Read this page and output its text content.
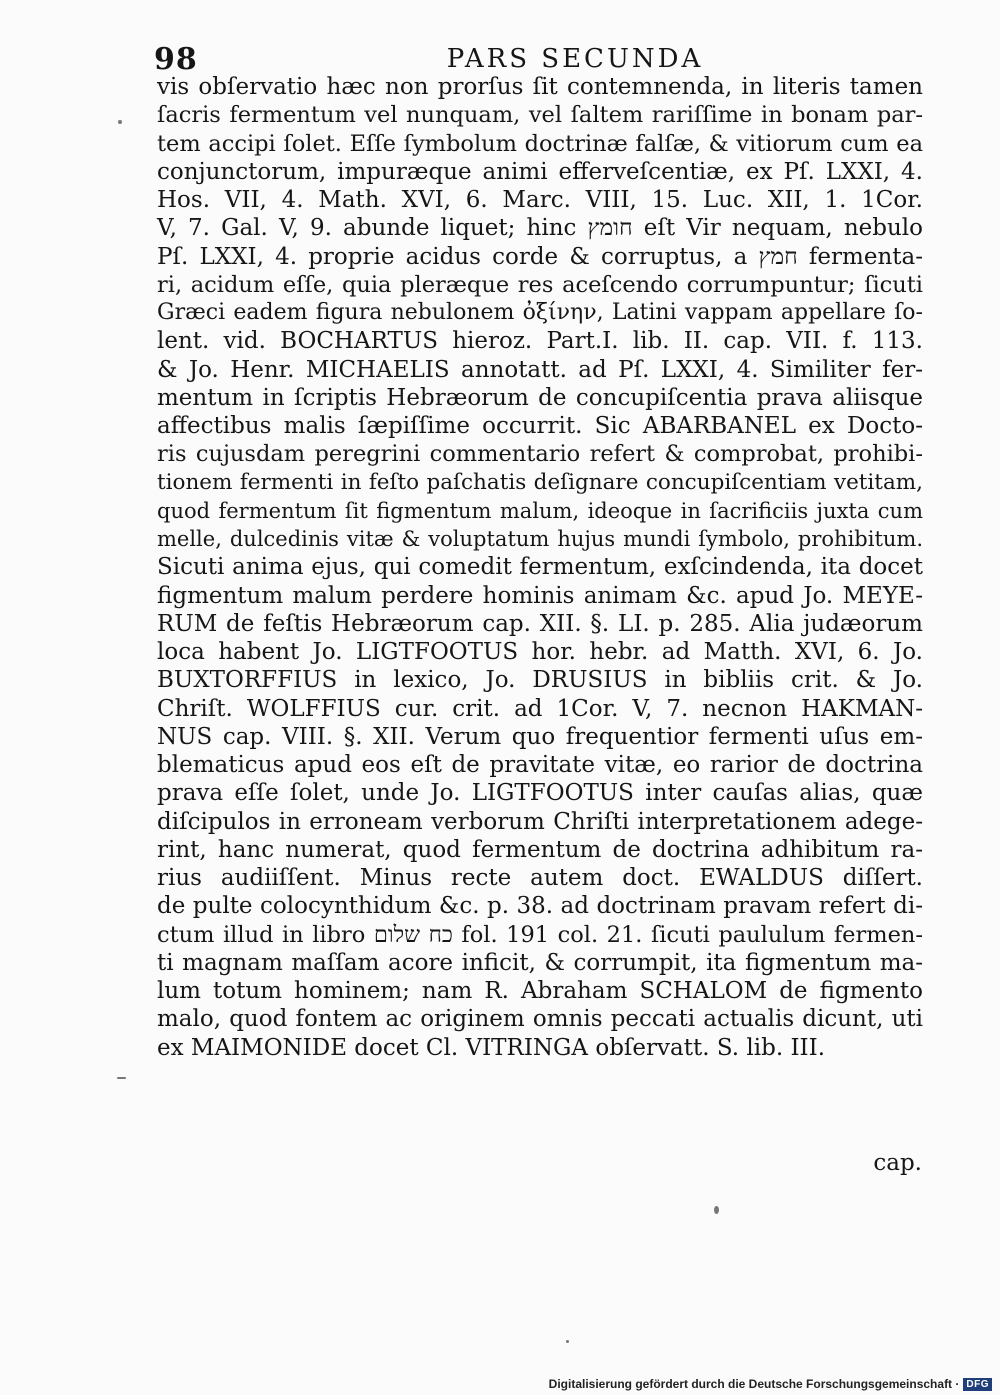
98	PARS SECUNDA
vis obſervatio hæc non prorſus ſit contemnenda, in literis tamen
ſacris fermentum vel nunquam, vel ſaltem rariſſime in bonam par-
tem accipi ſolet. Eſſe ſymbolum doctrinæ falſæ, & vitiorum cum ea
conjunctorum, impuræque animi efferveſcentiæ, ex Pſ. LXXI, 4.
Hos. VII, 4. Math. XVI, 6. Marc. VIII, 15. Luc. XII, 1. 1Cor.
V, 7. Gal. V, 9. abunde liquet; hinc חומץ eſt Vir nequam, nebulo
Pſ. LXXI, 4. proprie acidus corde & corruptus, a חמץ fermenta-
ri, acidum eſſe, quia pleræque res aceſcendo corrumpuntur; ſicuti
Græci eadem figura nebulonem ὀξίνην, Latini vappam appellare ſo-
lent. vid. BOCHARTUS hieroz. Part.I. lib. II. cap. VII. f. 113.
& Jo. Henr. MICHAELIS annotatt. ad Pſ. LXXI, 4. Similiter fer-
mentum in ſcriptis Hebræorum de concupiſcentia prava aliisque
affectibus malis ſæpiſſime occurrit. Sic ABARBANEL ex Docto-
ris cujusdam peregrini commentario refert & comprobat, prohibi-
tionem fermenti in feſto paſchatis deſignare concupiſcentiam vetitam,
quod fermentum ſit figmentum malum, ideoque in ſacrificiis juxta cum
melle, dulcedinis vitæ & voluptatum hujus mundi ſymbolo, prohibitum.
Sicuti anima ejus, qui comedit fermentum, exſcindenda, ita docet
figmentum malum perdere hominis animam &c. apud Jo. MEYE-
RUM de feſtis Hebræorum cap. XII. §. LI. p. 285. Alia judæorum
loca habent Jo. LIGTFOOTUS hor. hebr. ad Matth. XVI, 6. Jo.
BUXTORFFIUS in lexico, Jo. DRUSIUS in bibliis crit. & Jo.
Chriſt. WOLFFIUS cur. crit. ad 1Cor. V, 7. necnon HAKMAN-
NUS cap. VIII. §. XII. Verum quo frequentior fermenti uſus em-
blematicus apud eos eſt de pravitate vitæ, eo rarior de doctrina
prava eſſe ſolet, unde Jo. LIGTFOOTUS inter cauſas alias, quæ
diſcipulos in erroneam verborum Chriſti interpretationem adege-
rint, hanc numerat, quod fermentum de doctrina adhibitum ra-
rius audiiſſent. Minus recte autem doct. EWALDUS diſſert.
de pulte colocynthidum &c. p. 38. ad doctrinam pravam refert di-
ctum illud in libro כח שלום fol. 191 col. 21. ſicuti paululum fermen-
ti magnam maſſam acore inficit, & corrumpit, ita figmentum ma-
lum totum hominem; nam R. Abraham SCHALOM de figmento
malo, quod fontem ac originem omnis peccati actualis dicunt, uti
ex MAIMONIDE docet Cl. VITRINGA obſervatt. S. lib. III.
cap.
Digitalisierung gefördert durch die Deutsche Forschungsgemeinschaft · DFG
